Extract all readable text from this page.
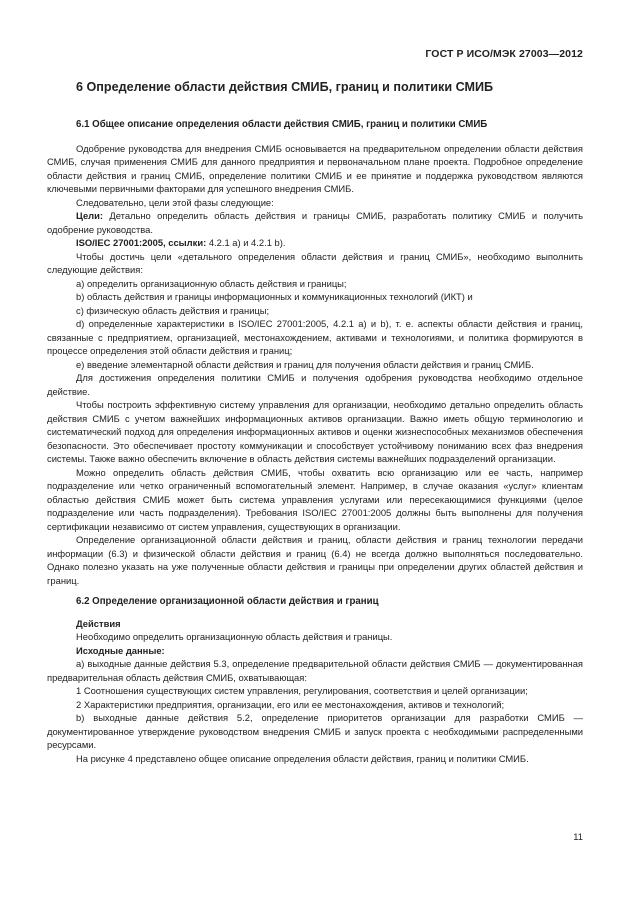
ГОСТ Р ИСО/МЭК 27003—2012
6 Определение области действия СМИБ, границ и политики СМИБ

6.1 Общее описание определения области действия СМИБ, границ и политики СМИБ

Одобрение руководства для внедрения СМИБ основывается на предварительном определении области действия СМИБ, случая применения СМИБ для данного предприятия и первоначальном плане проекта. Подробное определение области действия и границ СМИБ, определение политики СМИБ и ее принятие и поддержка руководством являются ключевыми первичными факторами для успешного внедрения СМИБ.

Следовательно, цели этой фазы следующие:

Цели: Детально определить область действия и границы СМИБ, разработать политику СМИБ и получить одобрение руководства.

ISO/IEC 27001:2005, ссылки: 4.2.1 а) и 4.2.1 b).

Чтобы достичь цели «детального определения области действия и границ СМИБ», необходимо выполнить следующие действия:

а) определить организационную область действия и границы;

b) область действия и границы информационных и коммуникационных технологий (ИКТ) и

с) физическую область действия и границы;

d) определенные характеристики в ISO/IEC 27001:2005, 4.2.1 а) и b), т. е. аспекты области действия и границ, связанные с предприятием, организацией, местонахождением, активами и технологиями, и политика формируются в процессе определения этой области действия и границ;

е) введение элементарной области действия и границ для получения области действия и границ СМИБ.

Для достижения определения политики СМИБ и получения одобрения руководства необходимо отдельное действие.

Чтобы построить эффективную систему управления для организации, необходимо детально определить область действия СМИБ с учетом важнейших информационных активов организации. Важно иметь общую терминологию и систематический подход для определения информационных активов и оценки жизнеспособных механизмов обеспечения безопасности. Это обеспечивает простоту коммуникации и способствует устойчивому пониманию всех фаз внедрения системы. Также важно обеспечить включение в область действия системы важнейших подразделений организации.

Можно определить область действия СМИБ, чтобы охватить всю организацию или ее часть, например подразделение или четко ограниченный вспомогательный элемент. Например, в случае оказания «услуг» клиентам областью действия СМИБ может быть система управления услугами или пересекающимися функциями (целое подразделение или часть подразделения). Требования ISO/IEC 27001:2005 должны быть выполнены для получения сертификации независимо от систем управления, существующих в организации.

Определение организационной области действия и границ, области действия и границ технологии передачи информации (6.3) и физической области действия и границ (6.4) не всегда должно выполняться последовательно. Однако полезно указать на уже полученные области действия и границы при определении других областей действия и границ.

6.2 Определение организационной области действия и границ

Действия

Необходимо определить организационную область действия и границы.

Исходные данные:

а) выходные данные действия 5.3, определение предварительной области действия СМИБ — документированная предварительная область действия СМИБ, охватывающая:

1 Соотношения существующих систем управления, регулирования, соответствия и целей организации;

2 Характеристики предприятия, организации, его или ее местонахождения, активов и технологий;

b) выходные данные действия 5.2, определение приоритетов организации для разработки СМИБ — документированное утверждение руководством внедрения СМИБ и запуск проекта с необходимыми распределенными ресурсами.

На рисунке 4 представлено общее описание определения области действия, границ и политики СМИБ.

11
